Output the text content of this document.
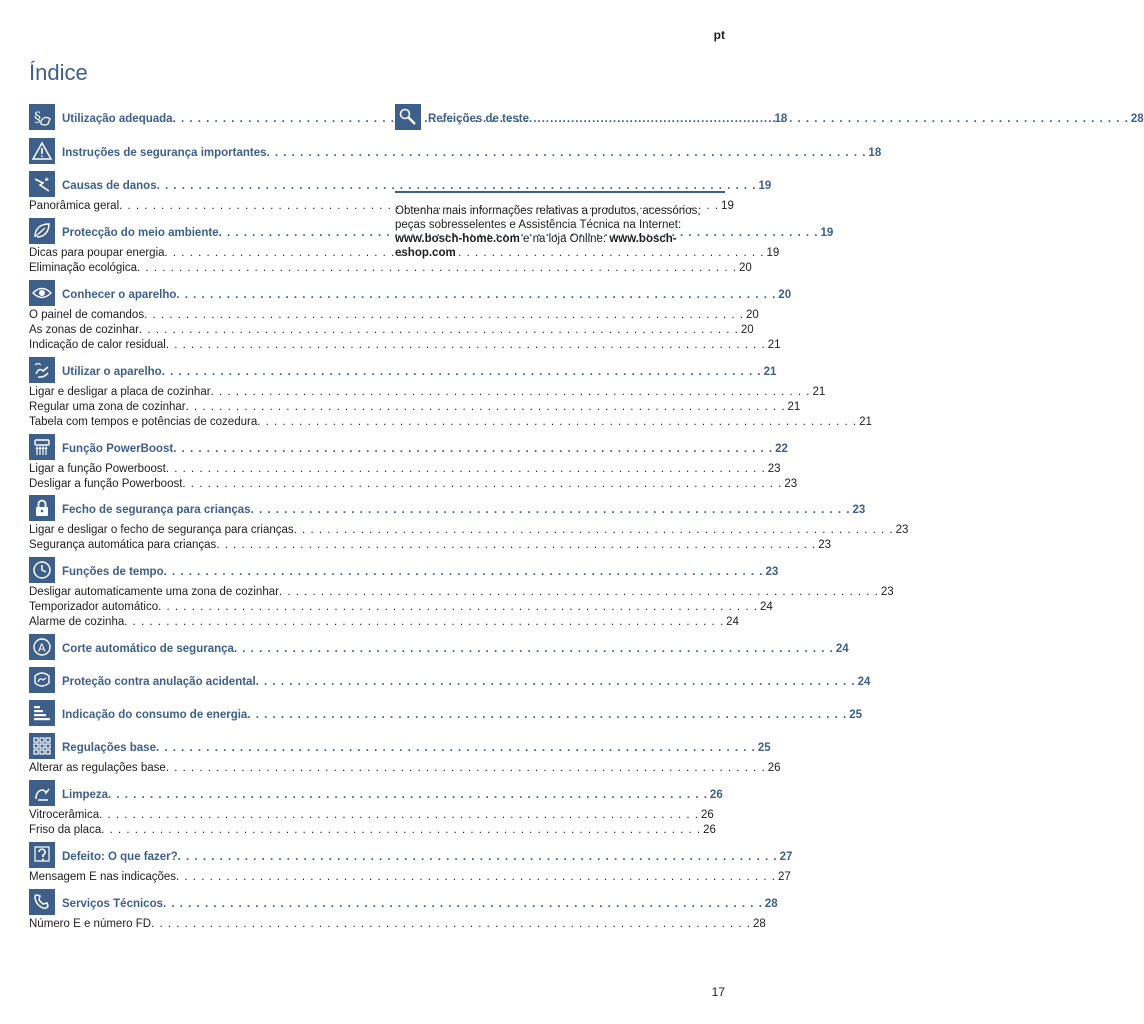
pt
Índice
§ Utilização adequada . . .	18
Instruções de segurança importantes . . .	18
Causas de danos . . .	19
Panorâmica geral . . .	19
Protecção do meio ambiente . . .	19
Dicas para poupar energia . . .	19
Eliminação ecológica . . .	20
Conhecer o aparelho . . .	20
O painel de comandos . . .	20
As zonas de cozinhar . . .	20
Indicação de calor residual . . .	21
Utilizar o aparelho . . .	21
Ligar e desligar a placa de cozinhar . . .	21
Regular uma zona de cozinhar . . .	21
Tabela com tempos e potências de cozedura . . .	21
Função PowerBoost . . .	22
Ligar a função Powerboost . . .	23
Desligar a função Powerboost . . .	23
Fecho de segurança para crianças . . .	23
Ligar e desligar o fecho de segurança para crianças . . .	23
Segurança automática para crianças . . .	23
Funções de tempo . . .	23
Desligar automaticamente uma zona de cozinhar . . .	23
Temporizador automático . . .	24
Alarme de cozinha . . .	24
A Corte automático de segurança . . .	24
Proteção contra anulação acidental . . .	24
Indicação do consumo de energia . . .	25
Regulações base . . .	25
Alterar as regulações base . . .	26
Limpeza . . .	26
Vitrocerâmica . . .	26
Friso da placa . . .	26
Defeito: O que fazer? . . .	27
Mensagem E nas indicações . . .	27
Serviços Técnicos . . .	28
Número E e número FD . . .	28
Refeições de teste . . .	28
Obtenha mais informações relativas a produtos, acessórios, peças sobresselentes e Assistência Técnica na Internet: www.bosch-home.com e na loja Online: www.bosch-eshop.com
17
